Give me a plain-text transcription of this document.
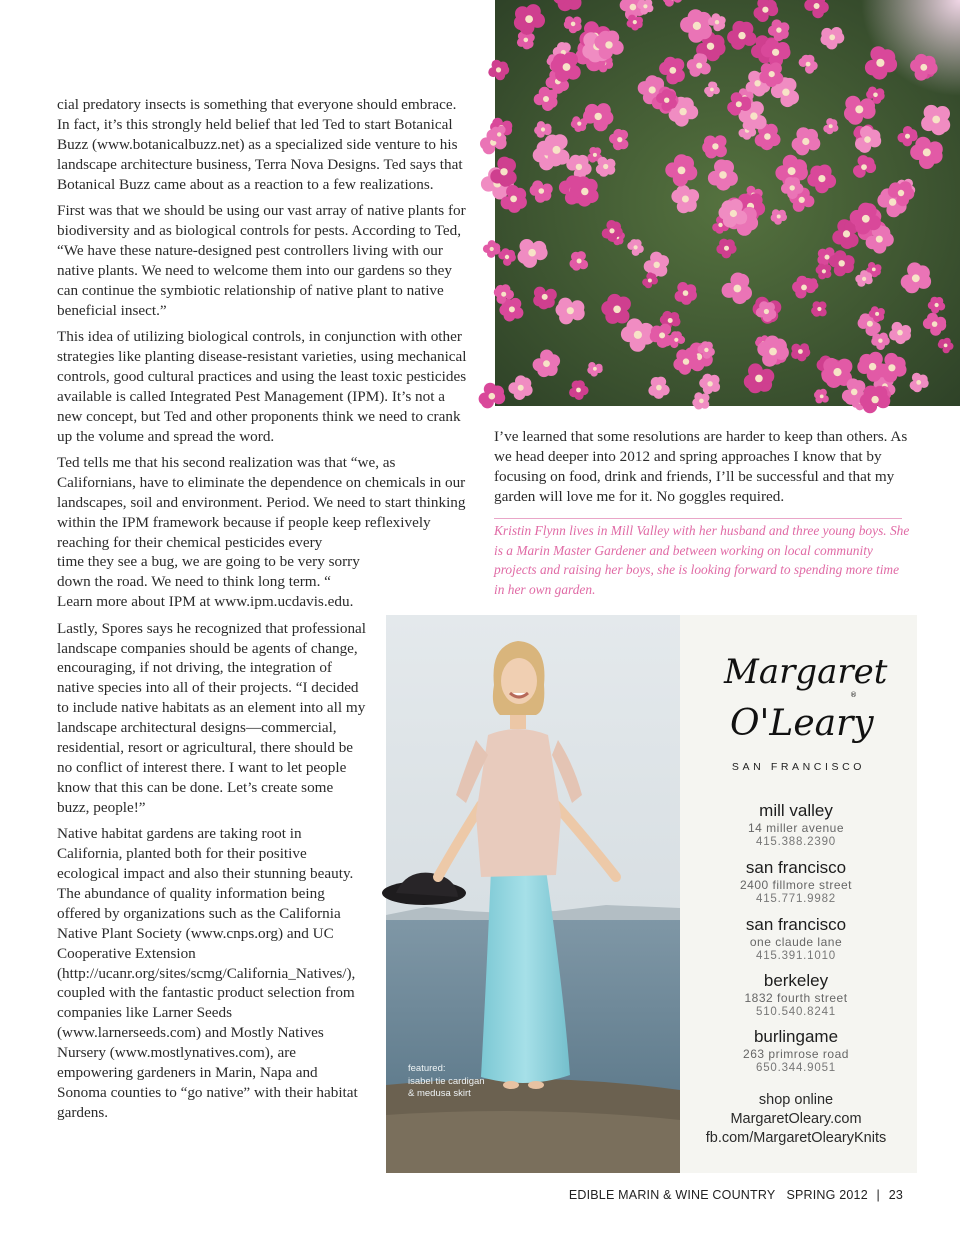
cial predatory insects is something that everyone should embrace. In fact, it’s this strongly held belief that led Ted to start Botanical Buzz (www.botanicalbuzz.net) as a specialized side venture to his landscape architecture business, Terra Nova Designs. Ted says that Botanical Buzz came about as a reaction to a few realizations.

First was that we should be using our vast array of native plants for biodiversity and as biological controls for pests. According to Ted, “We have these nature-designed pest controllers living with our native plants. We need to welcome them into our gardens so they can continue the symbiotic relationship of native plant to native beneficial insect.”

This idea of utilizing biological controls, in conjunction with other strategies like planting disease-resistant varieties, using mechanical controls, good cultural practices and using the least toxic pesticides available is called Integrated Pest Management (IPM). It’s not a new concept, but Ted and other proponents think we need to crank up the volume and spread the word.

Ted tells me that his second realization was that “we, as Californians, have to eliminate the dependence on chemicals in our landscapes, soil and environment. Period. We need to start thinking within the IPM framework because if people keep reflexively reaching for their chemical pesticides every

time they see a bug, we are going to be very sorry down the road. We need to think long term. “ Learn more about IPM at www.ipm.ucdavis.edu.

Lastly, Spores says he recognized that professional landscape companies should be agents of change, encouraging, if not driving, the integration of native species into all of their projects. “I decided to include native habitats as an element into all my landscape architectural designs—commercial, residential, resort or agricultural, there should be no conflict of interest there. I want to let people know that this can be done. Let’s create some buzz, people!”

Native habitat gardens are taking root in California, planted both for their positive ecological impact and also their stunning beauty. The abundance of quality information being offered by organizations such as the California Native Plant Society (www.cnps.org) and UC Cooperative Extension (http://ucanr.org/sites/scmg/California_Natives/), coupled with the fantastic product selection from companies like Larner Seeds (www.larnerseeds.com) and Mostly Natives Nursery (www.mostlynatives.com), are empowering gardeners in Marin, Napa and Sonoma counties to “go native” with their habitat gardens.

I’ve learned that some resolutions are harder to keep than others. As we head deeper into 2012 and spring approaches I know that by focusing on food, drink and friends, I’ll be successful and that my garden will love me for it. No goggles required.

Kristin Flynn lives in Mill Valley with her husband and three young boys. She is a Marin Master Gardener and between working on local community projects and raising her boys, she is looking forward to spending more time in her own garden.
featured:
isabel tie cardigan
& medusa skirt
Margaret
O'Leary
®
SAN FRANCISCO
mill valley
14 miller avenue
415.388.2390
san francisco
2400 fillmore street
415.771.9982
san francisco
one claude lane
415.391.1010
berkeley
1832 fourth street
510.540.8241
burlingame
263 primrose road
650.344.9051
shop online
MargaretOleary.com
fb.com/MargaretOlearyKnits
EDIBLE MARIN & WINE COUNTRY SPRING 2012 | 23
